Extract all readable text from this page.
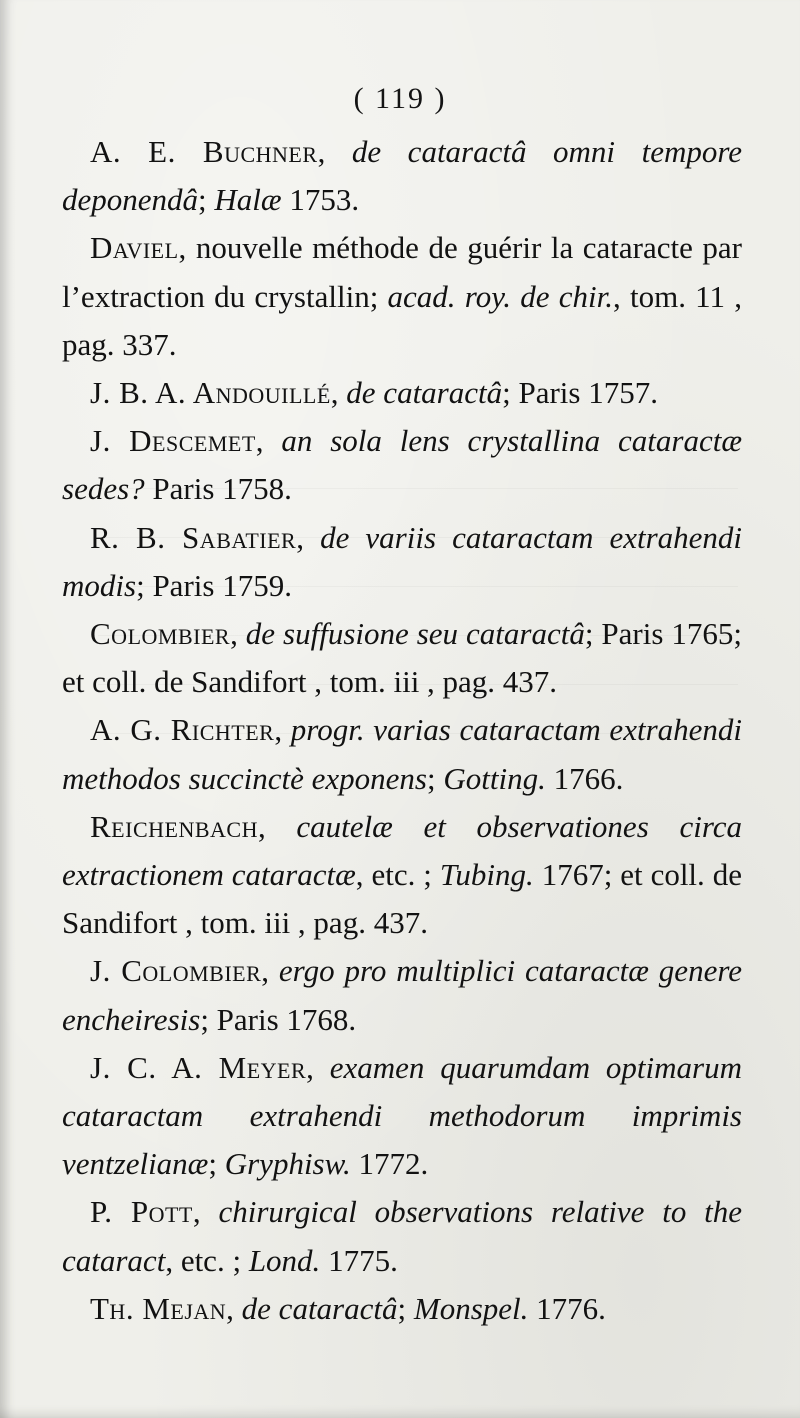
( 119 )

A. E. Buchner, de cataractâ omni tempore deponendâ; Halæ 1753.

Daviel, nouvelle méthode de guérir la cataracte par l’extraction du crystallin; acad. roy. de chir., tom. 11 , pag. 337.

J. B. A. Andouillé, de cataractâ; Paris 1757.

J. Descemet, an sola lens crystallina cataractæ sedes? Paris 1758.

R. B. Sabatier, de variis cataractam extrahendi modis; Paris 1759.

Colombier, de suffusione seu cataractâ; Paris 1765; et coll. de Sandifort , tom. iii , pag. 437.

A. G. Richter, progr. varias cataractam extrahendi methodos succinctè exponens; Gotting. 1766.

Reichenbach, cautelæ et observationes circa extractionem cataractæ, etc. ; Tubing. 1767; et coll. de Sandifort , tom. iii , pag. 437.

J. Colombier, ergo pro multiplici cataractæ genere encheiresis; Paris 1768.

J. C. A. Meyer, examen quarumdam optimarum cataractam extrahendi methodorum imprimis ventzelianæ; Gryphisw. 1772.

P. Pott, chirurgical observations relative to the cataract, etc. ; Lond. 1775.

Th. Mejan, de cataractâ; Monspel. 1776.
